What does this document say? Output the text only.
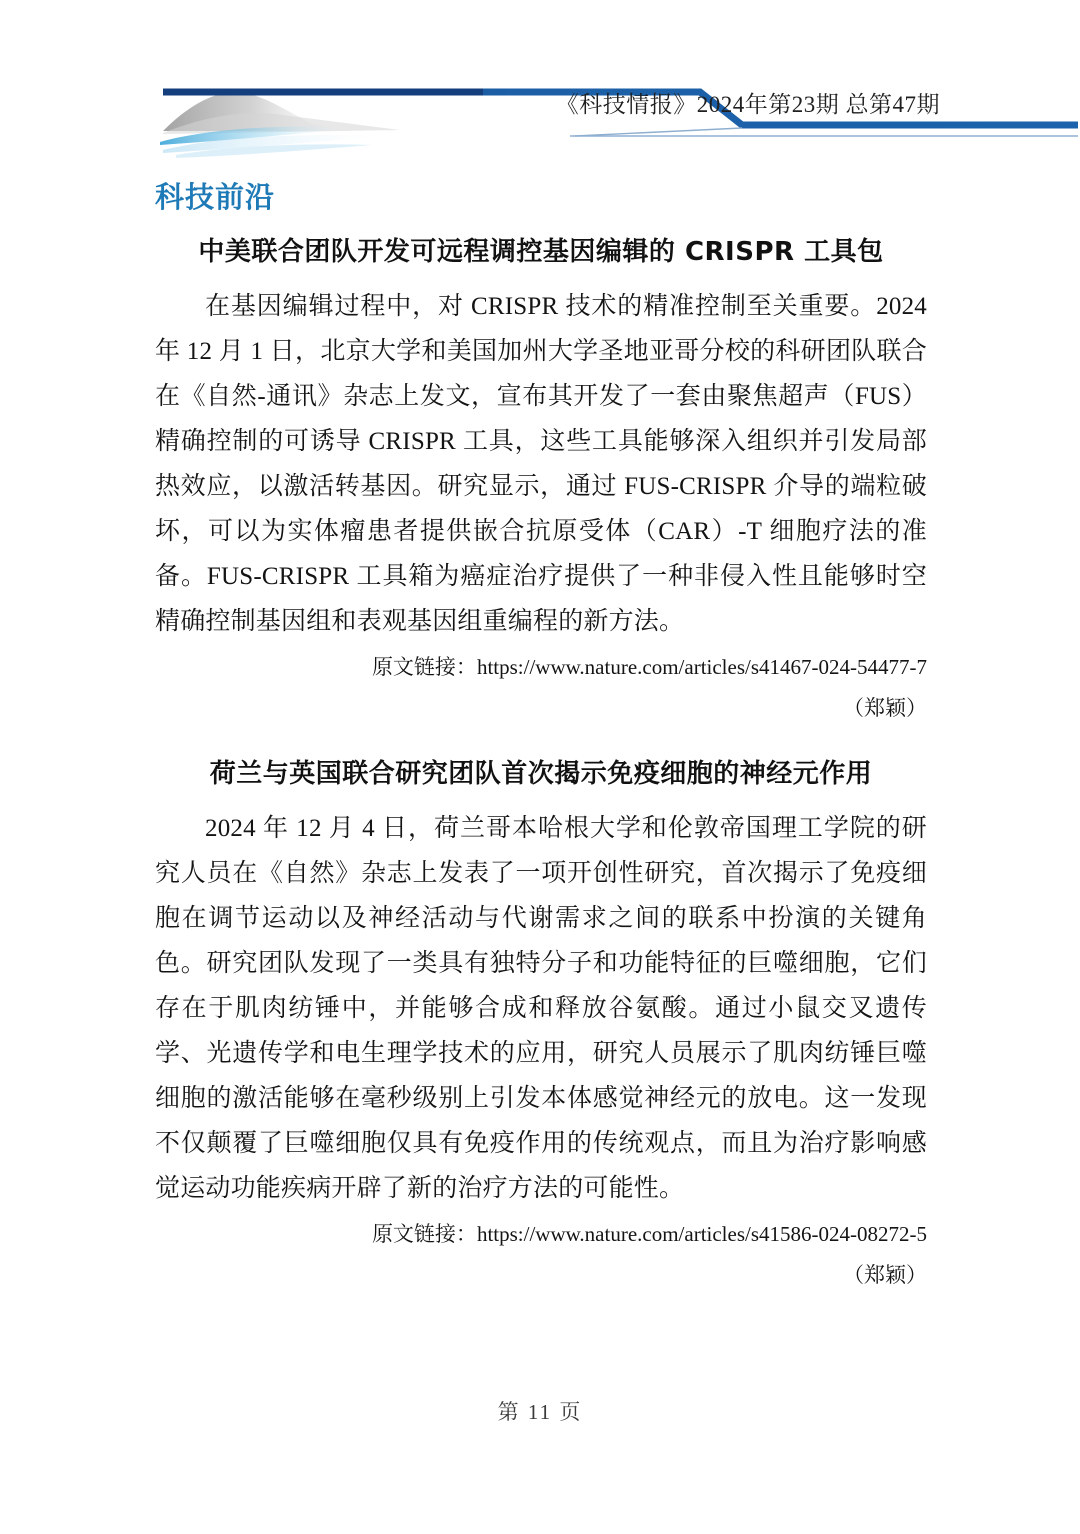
《科技情报》2024年第23期 总第47期
科技前沿
中美联合团队开发可远程调控基因编辑的 CRISPR 工具包

在基因编辑过程中，对 CRISPR 技术的精准控制至关重要。2024年 12 月 1 日，北京大学和美国加州大学圣地亚哥分校的科研团队联合在《自然-通讯》杂志上发文，宣布其开发了一套由聚焦超声（FUS）精确控制的可诱导 CRISPR 工具，这些工具能够深入组织并引发局部热效应，以激活转基因。研究显示，通过 FUS-CRISPR 介导的端粒破坏，可以为实体瘤患者提供嵌合抗原受体（CAR）-T 细胞疗法的准备。FUS-CRISPR 工具箱为癌症治疗提供了一种非侵入性且能够时空精确控制基因组和表观基因组重编程的新方法。

原文链接：https://www.nature.com/articles/s41467-024-54477-7

（郑颖）

荷兰与英国联合研究团队首次揭示免疫细胞的神经元作用

2024 年 12 月 4 日，荷兰哥本哈根大学和伦敦帝国理工学院的研究人员在《自然》杂志上发表了一项开创性研究，首次揭示了免疫细胞在调节运动以及神经活动与代谢需求之间的联系中扮演的关键角色。研究团队发现了一类具有独特分子和功能特征的巨噬细胞，它们存在于肌肉纺锤中，并能够合成和释放谷氨酸。通过小鼠交叉遗传学、光遗传学和电生理学技术的应用，研究人员展示了肌肉纺锤巨噬细胞的激活能够在毫秒级别上引发本体感觉神经元的放电。这一发现不仅颠覆了巨噬细胞仅具有免疫作用的传统观点，而且为治疗影响感觉运动功能疾病开辟了新的治疗方法的可能性。

原文链接：https://www.nature.com/articles/s41586-024-08272-5

（郑颖）

第 11 页
